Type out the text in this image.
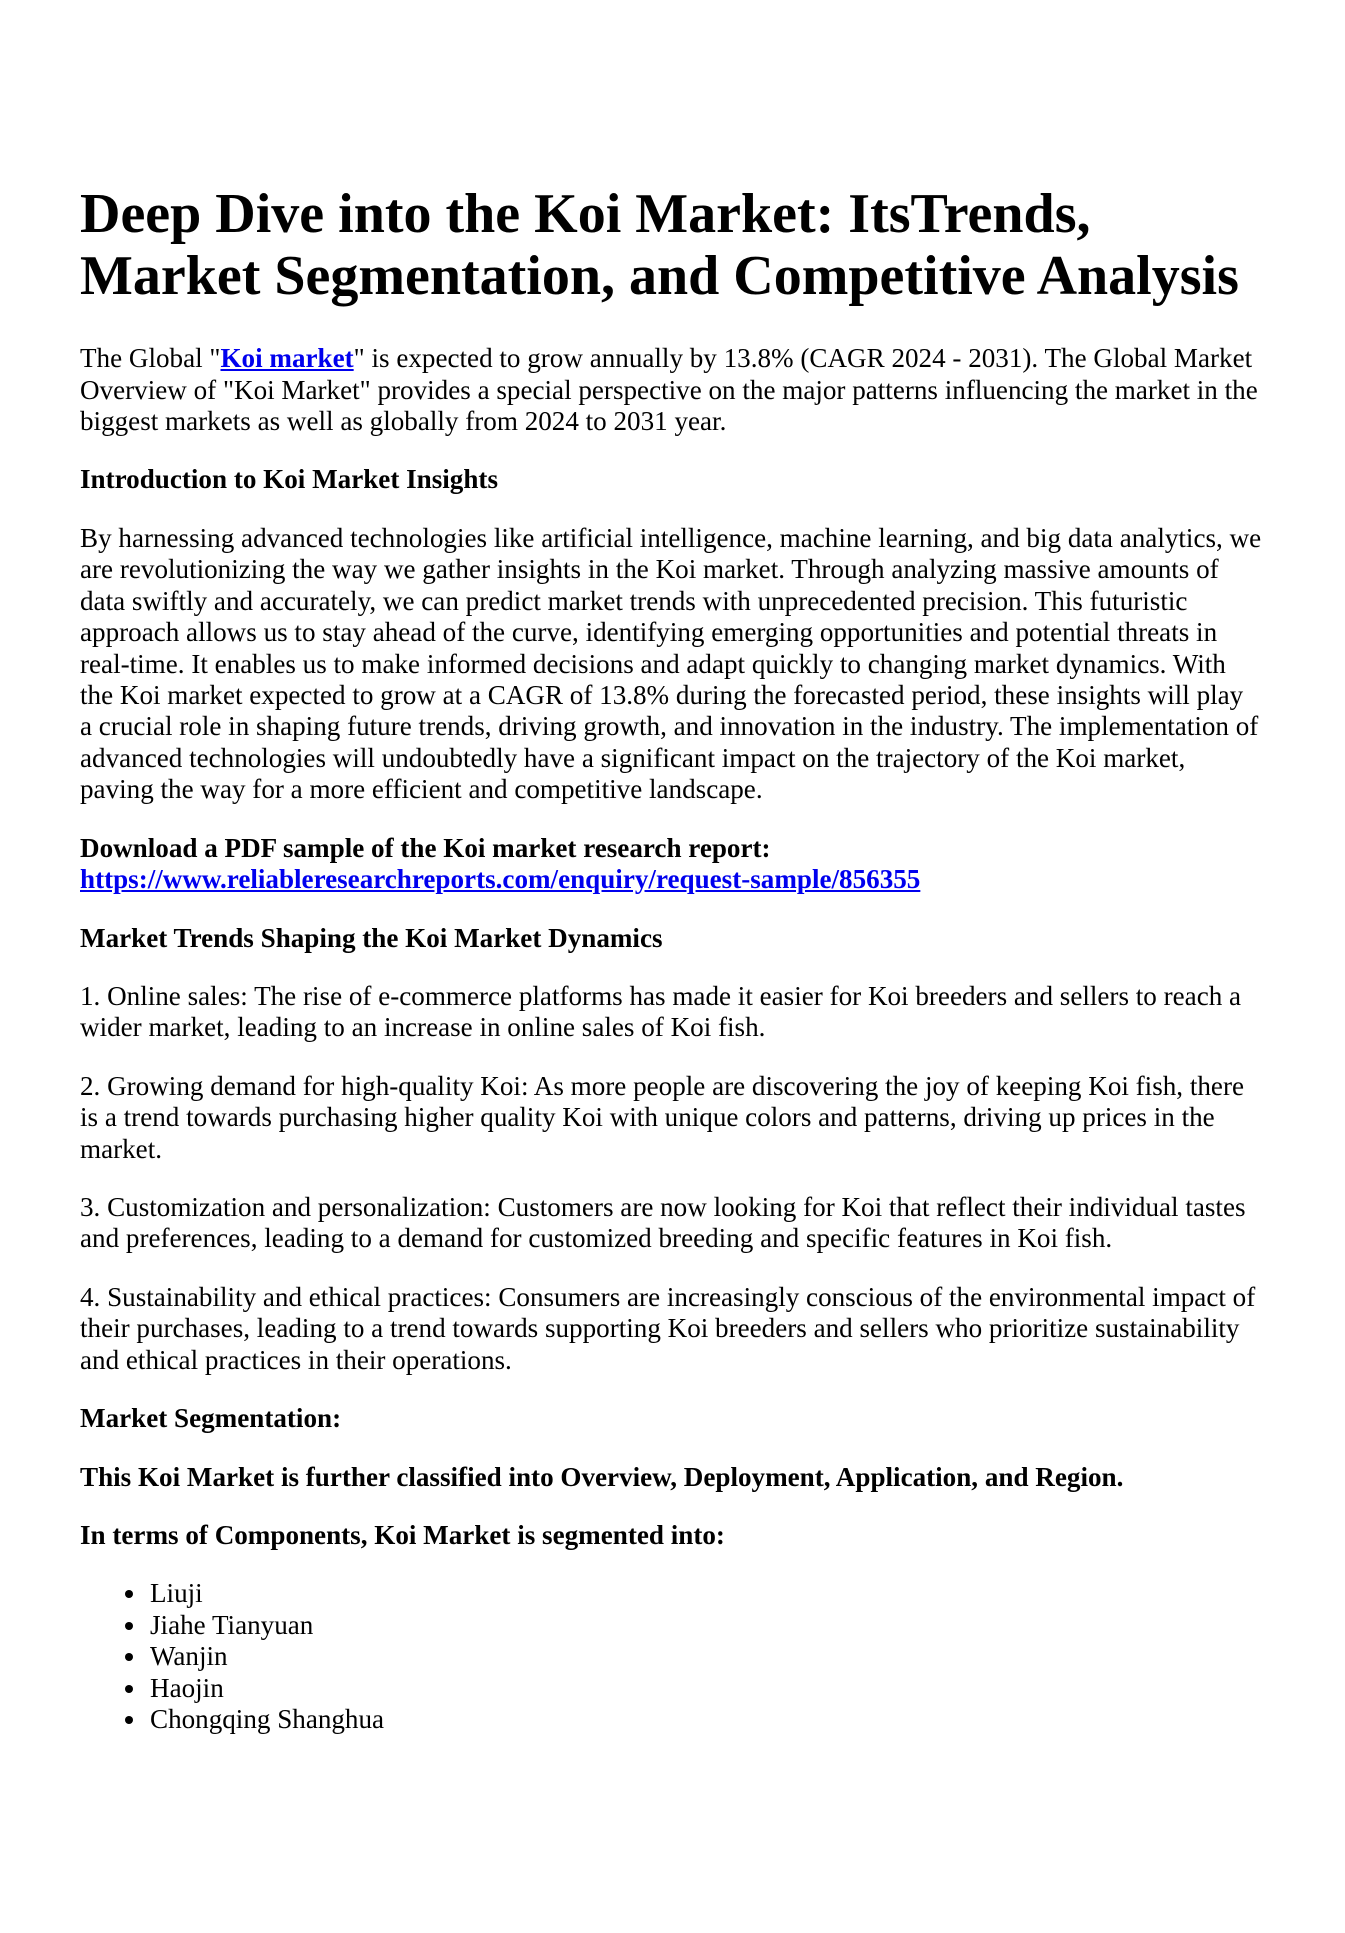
Deep Dive into the Koi Market: ItsTrends, Market Segmentation, and Competitive Analysis

The Global "Koi market" is expected to grow annually by 13.8% (CAGR 2024 - 2031). The Global Market Overview of "Koi Market" provides a special perspective on the major patterns influencing the market in the biggest markets as well as globally from 2024 to 2031 year.

Introduction to Koi Market Insights

By harnessing advanced technologies like artificial intelligence, machine learning, and big data analytics, we are revolutionizing the way we gather insights in the Koi market. Through analyzing massive amounts of data swiftly and accurately, we can predict market trends with unprecedented precision. This futuristic approach allows us to stay ahead of the curve, identifying emerging opportunities and potential threats in real-time. It enables us to make informed decisions and adapt quickly to changing market dynamics. With the Koi market expected to grow at a CAGR of 13.8% during the forecasted period, these insights will play a crucial role in shaping future trends, driving growth, and innovation in the industry. The implementation of advanced technologies will undoubtedly have a significant impact on the trajectory of the Koi market, paving the way for a more efficient and competitive landscape.

Download a PDF sample of the Koi market research report:
https://www.reliableresearchreports.com/enquiry/request-sample/856355

Market Trends Shaping the Koi Market Dynamics

1. Online sales: The rise of e-commerce platforms has made it easier for Koi breeders and sellers to reach a wider market, leading to an increase in online sales of Koi fish.

2. Growing demand for high-quality Koi: As more people are discovering the joy of keeping Koi fish, there is a trend towards purchasing higher quality Koi with unique colors and patterns, driving up prices in the market.

3. Customization and personalization: Customers are now looking for Koi that reflect their individual tastes and preferences, leading to a demand for customized breeding and specific features in Koi fish.

4. Sustainability and ethical practices: Consumers are increasingly conscious of the environmental impact of their purchases, leading to a trend towards supporting Koi breeders and sellers who prioritize sustainability and ethical practices in their operations.

Market Segmentation:

This Koi Market is further classified into Overview, Deployment, Application, and Region.

In terms of Components, Koi Market is segmented into:

• Liuji
• Jiahe Tianyuan
• Wanjin
• Haojin
• Chongqing Shanghua
